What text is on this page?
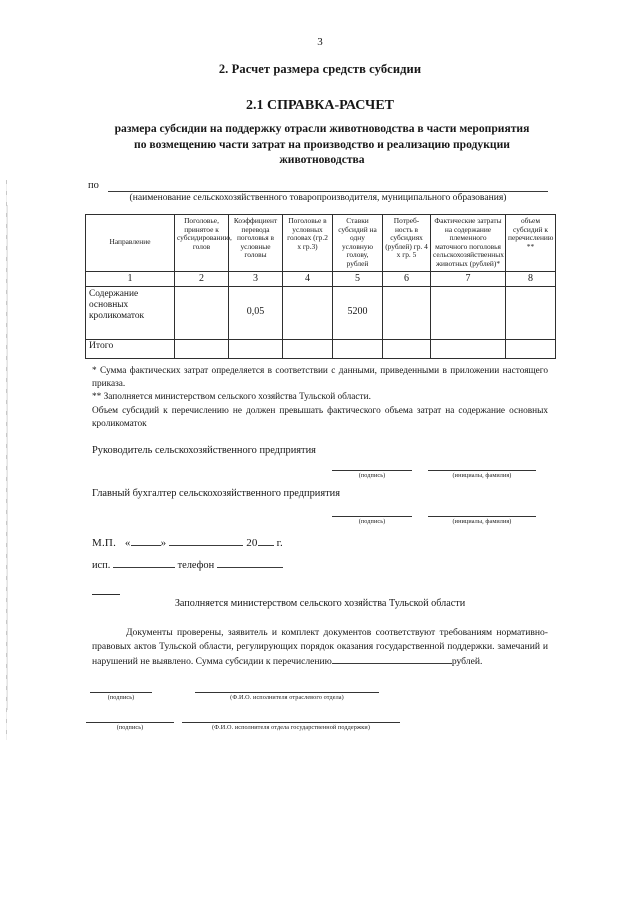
3
2. Расчет размера средств субсидии
2.1 СПРАВКА-РАСЧЕТ
размера субсидии на поддержку отрасли животноводства в части мероприятия по возмещению части затрат на производство и реализацию продукции животноводства
по
(наименование сельскохозяйственного товаропроизводителя, муниципального образования)
Направление	Поголовье, принятое к субсидированию, голов	Коэффициент перевода поголовья в условные головы	Поголовье в условных головах (гр.2 х гр.3)	Ставки субсидий на одну условную голову, рублей	Потреб-ность в субсидиях (рублей) гр. 4 х гр. 5	Фактические затраты на содержание племенного маточного поголовья сельскохозяйственных животных (рублей)*	объем субсидий к перечислению **
1	2	3	4	5	6	7	8
Содержание основных кроликоматок		0,05		5200			
Итого							

* Сумма фактических затрат определяется в соответствии с данными, приведенными в приложении настоящего приказа.

** Заполняется министерством сельского хозяйства Тульской области.

Объем субсидий к перечислению не должен превышать фактического объема затрат на содержание основных кроликоматок

Руководитель сельскохозяйственного предприятия
(подпись)	(инициалы, фамилия)
Главный бухгалтер сельскохозяйственного предприятия
(подпись)	(инициалы, фамилия)
М.П. «	»	20 г.
исп.	телефон
Заполняется министерством сельского хозяйства Тульской области

Документы проверены, заявитель и комплект документов соответствуют требованиям нормативно-правовых актов Тульской области, регулирующих порядок оказания государственной поддержки. замечаний и нарушений не выявлено. Сумма субсидии к перечислению	рублей.

(подпись)	(Ф.И.О. исполнителя отраслевого отдела)
(подпись)	(Ф.И.О. исполнителя отдела государственной поддержки)
